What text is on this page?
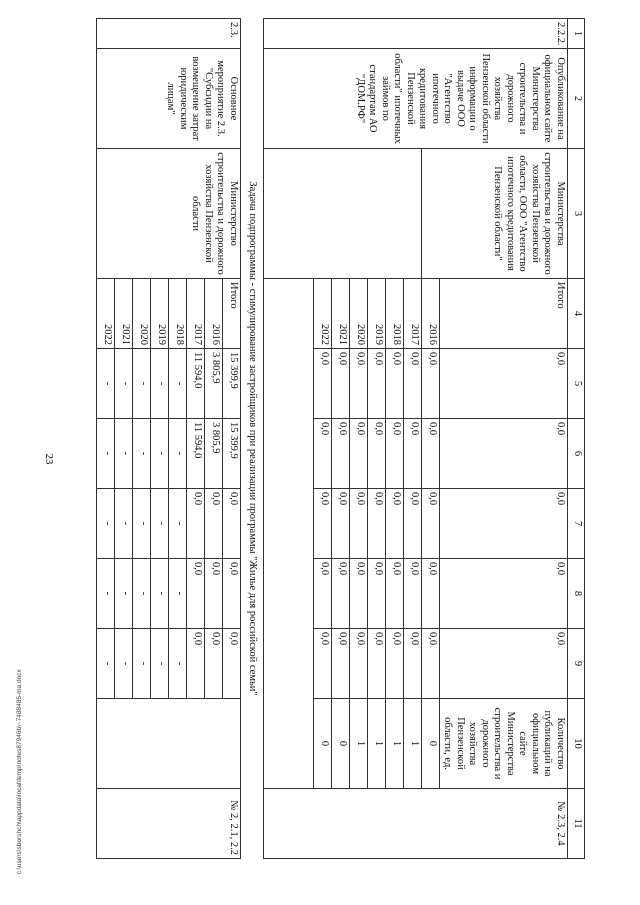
23
1	2	3	4	5	6	7	8	9	10	11	
2.2.2.	Опубликование на официальном сайте Министерства строительства и дорожного хозяйства Пензенской области информации о выдаче ООО "Агентство ипотечного кредитования Пензенской области" ипотечных займов по стандартам АО "ДОМ.РФ"	Министерства строительства и дорожного хозяйства Пензенской области, ООО "Агентство ипотечного кредитования Пензенской области"	Итого	0,0	0,0	0,0	0,0	0,0	Количество публикаций на официальном сайте Министерства строительства и дорожного хозяйства Пензенской области, ед.	№ 2.3, 2.4	
			2016	0,0	0,0	0,0	0,0	0,0	0		
			2017	0,0	0,0	0,0	0,0	0,0	1		
			2018	0,0	0,0	0,0	0,0	0,0	1		
			2019	0,0	0,0	0,0	0,0	0,0	1		
			2020	0,0	0,0	0,0	0,0	0,0	1		
			2021	0,0	0,0	0,0	0,0	0,0	0		
			2022	0,0	0,0	0,0	0,0	0,0	0		

Задача подпрограммы - стимулирование застройщиков при реализации программы "Жилье для российской семьи"											
2.3.	Основное мероприятие 2.3. "Субсидии на возмещение затрат юридическим лицам"	Министерство строительства и дорожного хозяйства Пензенской области	Итого	15 399,9	15 399,9	0,0	0,0	0,0		№ 2, 2.1, 2.2	
			2016	3 805,9	3 805,9	0,0	0,0	0,0			
			2017	11 594,0	11 594,0	0,0	0,0	0,0			
			2018	-	-	-	-	-			
			2019	-	-	-	-	-			
			2020	-	-	-	-	-			
			2021	-	-	-	-	-			
			2022	-	-	-	-	-			
c:\users\sborshch\appdata\local\temp\notes87946b\~7488485-ma.docx
